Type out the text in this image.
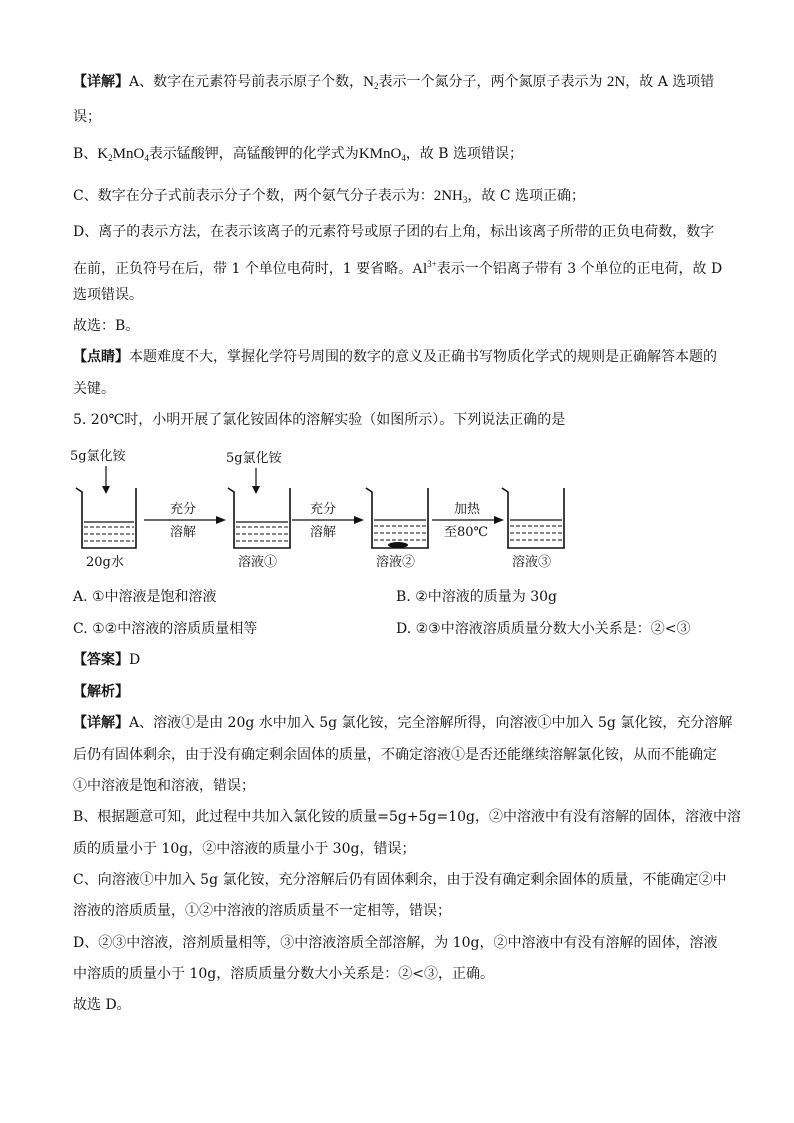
【详解】A、数字在元素符号前表示原子个数，$N_2$表示一个氮分子，两个氮原子表示为 2N，故 A 选项错
误；
B、$K_2MnO_4$表示锰酸钾，高锰酸钾的化学式为KMnO$_4$，故 B 选项错误；
C、数字在分子式前表示分子个数，两个氨气分子表示为：$2NH_3$，故 C 选项正确；
D、离子的表示方法，在表示该离子的元素符号或原子团的右上角，标出该离子所带的正负电荷数，数字
在前，正负符号在后，带 1 个单位电荷时，1 要省略。$Al^{3+}$表示一个铝离子带有 3 个单位的正电荷，故 D
选项错误。
故选：B。
【点睛】本题难度不大，掌握化学符号周围的数字的意义及正确书写物质化学式的规则是正确解答本题的
关键。
5. 20℃时，小明开展了氯化铵固体的溶解实验（如图所示）。下列说法正确的是
5g氯化铵
20g水
充分
溶解
5g氯化铵
溶液①
充分
溶解
溶液②
加热
至80℃
溶液③
A. ①中溶液是饱和溶液	B. ②中溶液的质量为 30g
C. ①②中溶液的溶质质量相等	D. ②③中溶液溶质质量分数大小关系是：②<③
【答案】D
【解析】
【详解】A、溶液①是由 20g 水中加入 5g 氯化铵，完全溶解所得，向溶液①中加入 5g 氯化铵，充分溶解
后仍有固体剩余，由于没有确定剩余固体的质量，不确定溶液①是否还能继续溶解氯化铵，从而不能确定
①中溶液是饱和溶液，错误；
B、根据题意可知，此过程中共加入氯化铵的质量=5g+5g=10g，②中溶液中有没有溶解的固体，溶液中溶
质的质量小于 10g，②中溶液的质量小于 30g，错误；
C、向溶液①中加入 5g 氯化铵，充分溶解后仍有固体剩余，由于没有确定剩余固体的质量，不能确定②中
溶液的溶质质量，①②中溶液的溶质质量不一定相等，错误；
D、②③中溶液，溶剂质量相等，③中溶液溶质全部溶解，为 10g，②中溶液中有没有溶解的固体，溶液
中溶质的质量小于 10g，溶质质量分数大小关系是：②<③，正确。
故选 D。
